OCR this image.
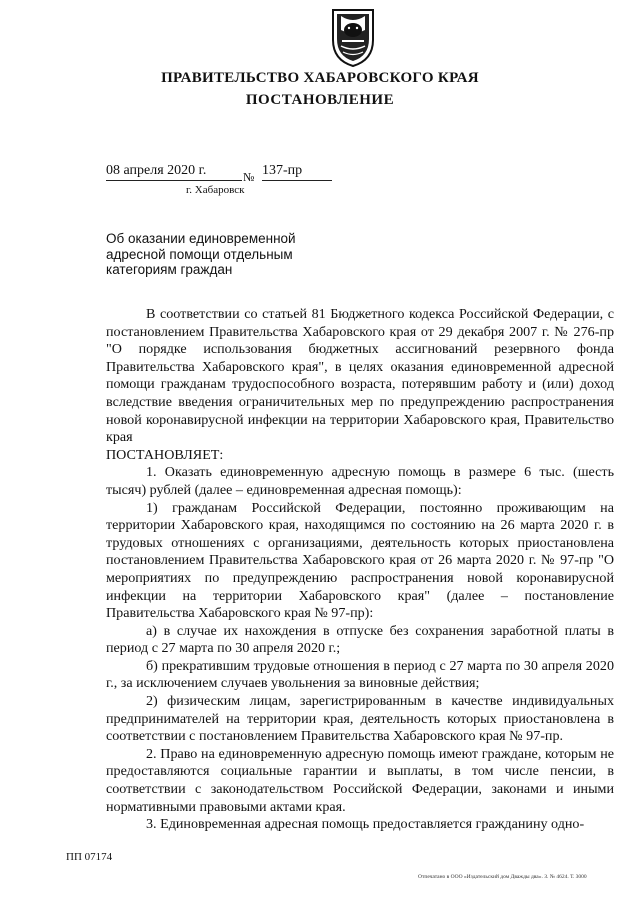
ПРАВИТЕЛЬСТВО ХАБАРОВСКОГО КРАЯ
ПОСТАНОВЛЕНИЕ
08 апреля 2020 г.	№ 137-пр
г. Хабаровск
Об оказании единовременной адресной помощи отдельным категориям граждан

В соответствии со статьей 81 Бюджетного кодекса Российской Федерации, с постановлением Правительства Хабаровского края от 29 декабря 2007 г. № 276-пр "О порядке использования бюджетных ассигнований резервного фонда Правительства Хабаровского края", в целях оказания единовременной адресной помощи гражданам трудоспособного возраста, потерявшим работу и (или) доход вследствие введения ограничительных мер по предупреждению распространения новой коронавирусной инфекции на территории Хабаровского края, Правительство края

ПОСТАНОВЛЯЕТ:

1. Оказать единовременную адресную помощь в размере 6 тыс. (шесть тысяч) рублей (далее – единовременная адресная помощь):

1) гражданам Российской Федерации, постоянно проживающим на территории Хабаровского края, находящимся по состоянию на 26 марта 2020 г. в трудовых отношениях с организациями, деятельность которых приостановлена постановлением Правительства Хабаровского края от 26 марта 2020 г. № 97-пр "О мероприятиях по предупреждению распространения новой коронавирусной инфекции на территории Хабаровского края" (далее – постановление Правительства Хабаровского края № 97-пр):

а) в случае их нахождения в отпуске без сохранения заработной платы в период с 27 марта по 30 апреля 2020 г.;

б) прекратившим трудовые отношения в период с 27 марта по 30 апреля 2020 г., за исключением случаев увольнения за виновные действия;

2) физическим лицам, зарегистрированным в качестве индивидуальных предпринимателей на территории края, деятельность которых приостановлена в соответствии с постановлением Правительства Хабаровского края № 97-пр.

2. Право на единовременную адресную помощь имеют граждане, которым не предоставляются социальные гарантии и выплаты, в том числе пенсии, в соответствии с законодательством Российской Федерации, законами и иными нормативными правовыми актами края.

3. Единовременная адресная помощь предоставляется гражданину одно-

ПП 07174
Отпечатано в ООО «Издательский дом Дважды два». З. № 4624. Т. 3000
